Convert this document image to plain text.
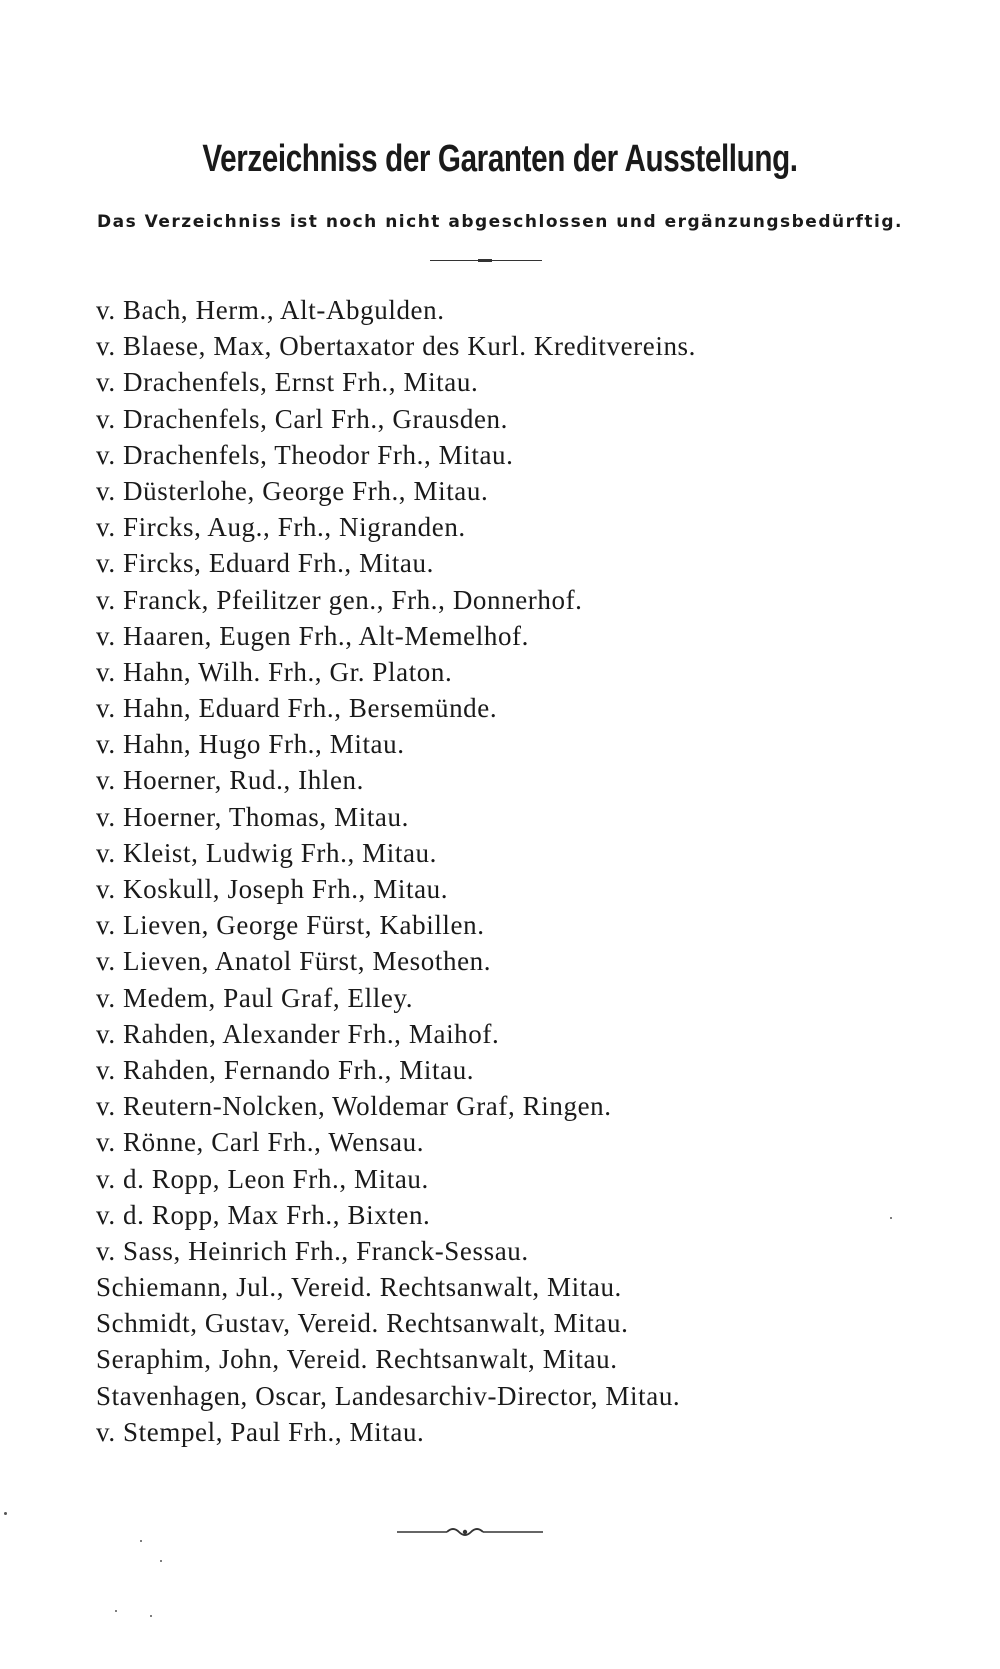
Verzeichniss der Garanten der Ausstellung.
Das Verzeichniss ist noch nicht abgeschlossen und ergänzungsbedürftig.
v. Bach, Herm., Alt-Abgulden.
v. Blaese, Max, Obertaxator des Kurl. Kreditvereins.
v. Drachenfels, Ernst Frh., Mitau.
v. Drachenfels, Carl Frh., Grausden.
v. Drachenfels, Theodor Frh., Mitau.
v. Düsterlohe, George Frh., Mitau.
v. Fircks, Aug., Frh., Nigranden.
v. Fircks, Eduard Frh., Mitau.
v. Franck, Pfeilitzer gen., Frh., Donnerhof.
v. Haaren, Eugen Frh., Alt-Memelhof.
v. Hahn, Wilh. Frh., Gr. Platon.
v. Hahn, Eduard Frh., Bersemünde.
v. Hahn, Hugo Frh., Mitau.
v. Hoerner, Rud., Ihlen.
v. Hoerner, Thomas, Mitau.
v. Kleist, Ludwig Frh., Mitau.
v. Koskull, Joseph Frh., Mitau.
v. Lieven, George Fürst, Kabillen.
v. Lieven, Anatol Fürst, Mesothen.
v. Medem, Paul Graf, Elley.
v. Rahden, Alexander Frh., Maihof.
v. Rahden, Fernando Frh., Mitau.
v. Reutern-Nolcken, Woldemar Graf, Ringen.
v. Rönne, Carl Frh., Wensau.
v. d. Ropp, Leon Frh., Mitau.
v. d. Ropp, Max Frh., Bixten.
v. Sass, Heinrich Frh., Franck-Sessau.
Schiemann, Jul., Vereid. Rechtsanwalt, Mitau.
Schmidt, Gustav, Vereid. Rechtsanwalt, Mitau.
Seraphim, John, Vereid. Rechtsanwalt, Mitau.
Stavenhagen, Oscar, Landesarchiv-Director, Mitau.
v. Stempel, Paul Frh., Mitau.
